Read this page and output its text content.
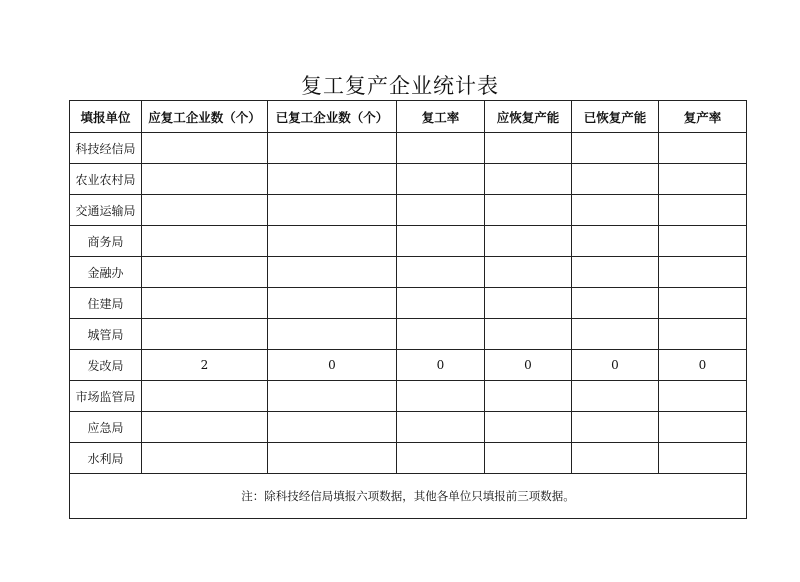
复工复产企业统计表
填报单位	应复工企业数（个）	已复工企业数（个）	复工率	应恢复产能	已恢复产能	复产率
科技经信局						
农业农村局						
交通运输局						
商务局						
金融办						
住建局						
城管局						
发改局	2	0	0	0	0	0
市场监管局						
应急局						
水利局						
注：除科技经信局填报六项数据，其他各单位只填报前三项数据。						
